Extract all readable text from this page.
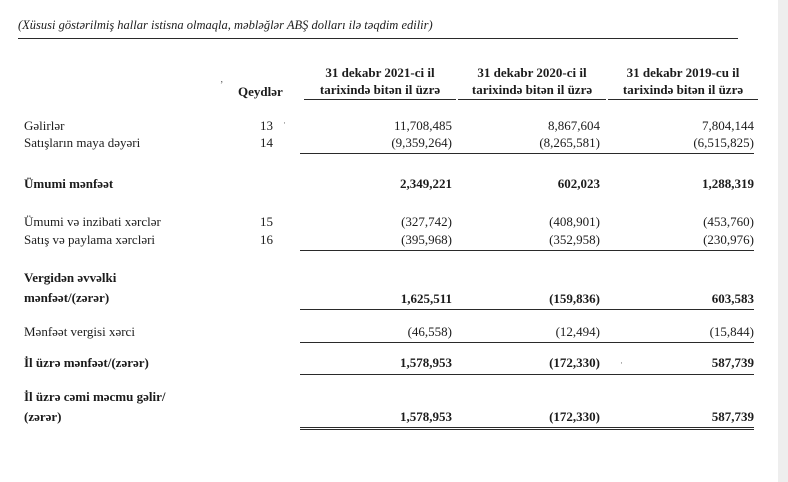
(Xüsusi göstərilmiş hallar istisna olmaqla, məbləğlər ABŞ dolları ilə təqdim edilir)
’ Qeydlər
31 dekabr 2021-ci il
tarixində bitən il üzrə
31 dekabr 2020-ci il
tarixində bitən il üzrə
31 dekabr 2019-cu il
tarixində bitən il üzrə
Gəlirlər	13	·	11,708,485	8,867,604	7,804,144
Satışların maya dəyəri	14	(9,359,264)	(8,265,581)	(6,515,825)
Ümumi mənfəət	2,349,221	602,023	1,288,319
Ümumi və inzibati xərclər	15	(327,742)	(408,901)	(453,760)
Satış və paylama xərcləri	16	(395,968)	(352,958)	(230,976)
Vergidən əvvəlki
mənfəət/(zərər)	1,625,511	(159,836)	603,583
Mənfəət vergisi xərci	(46,558)	(12,494)	(15,844)
İl üzrə mənfəət/(zərər)	1,578,953	(172,330) ·	587,739
İl üzrə cəmi məcmu gəlir/
(zərər)	1,578,953	(172,330)	587,739
